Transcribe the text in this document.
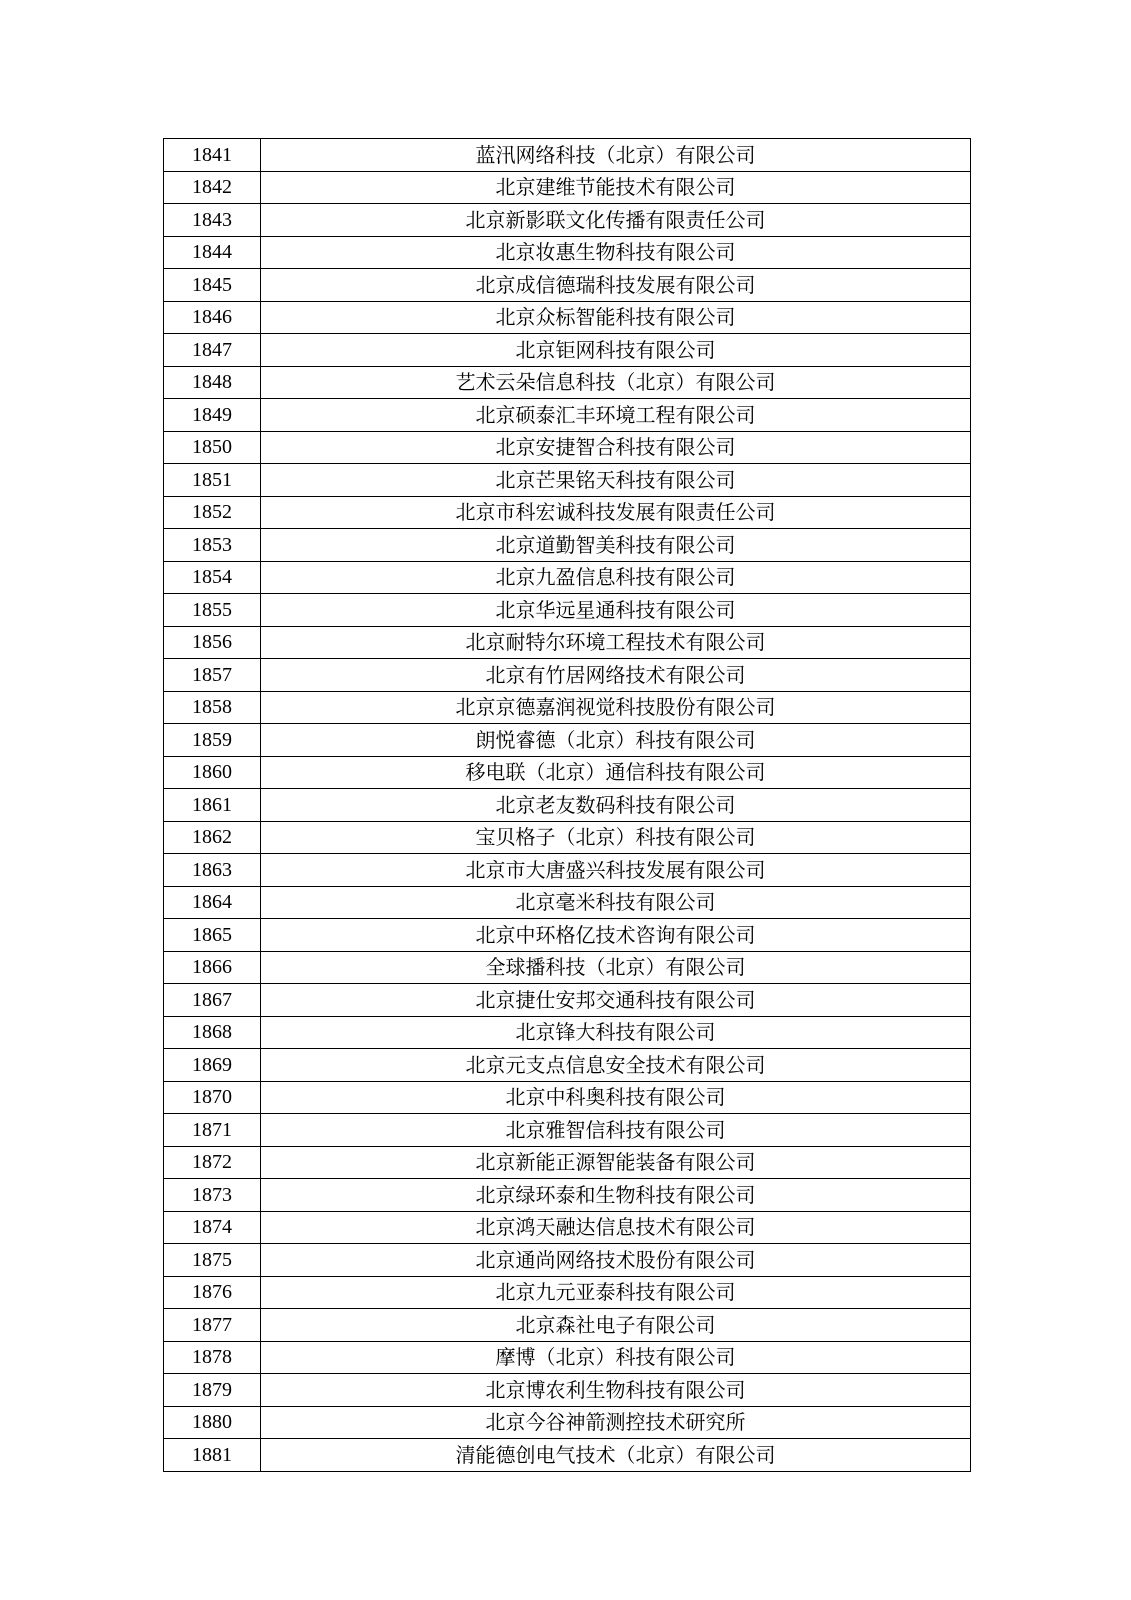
1841	蓝汛网络科技（北京）有限公司
1842	北京建维节能技术有限公司
1843	北京新影联文化传播有限责任公司
1844	北京妆惠生物科技有限公司
1845	北京成信德瑞科技发展有限公司
1846	北京众标智能科技有限公司
1847	北京钜网科技有限公司
1848	艺术云朵信息科技（北京）有限公司
1849	北京硕泰汇丰环境工程有限公司
1850	北京安捷智合科技有限公司
1851	北京芒果铭天科技有限公司
1852	北京市科宏诚科技发展有限责任公司
1853	北京道勤智美科技有限公司
1854	北京九盈信息科技有限公司
1855	北京华远星通科技有限公司
1856	北京耐特尔环境工程技术有限公司
1857	北京有竹居网络技术有限公司
1858	北京京德嘉润视觉科技股份有限公司
1859	朗悦睿德（北京）科技有限公司
1860	移电联（北京）通信科技有限公司
1861	北京老友数码科技有限公司
1862	宝贝格子（北京）科技有限公司
1863	北京市大唐盛兴科技发展有限公司
1864	北京毫米科技有限公司
1865	北京中环格亿技术咨询有限公司
1866	全球播科技（北京）有限公司
1867	北京捷仕安邦交通科技有限公司
1868	北京锋大科技有限公司
1869	北京元支点信息安全技术有限公司
1870	北京中科奥科技有限公司
1871	北京雅智信科技有限公司
1872	北京新能正源智能装备有限公司
1873	北京绿环泰和生物科技有限公司
1874	北京鸿天融达信息技术有限公司
1875	北京通尚网络技术股份有限公司
1876	北京九元亚泰科技有限公司
1877	北京森社电子有限公司
1878	摩博（北京）科技有限公司
1879	北京博农利生物科技有限公司
1880	北京今谷神箭测控技术研究所
1881	清能德创电气技术（北京）有限公司
